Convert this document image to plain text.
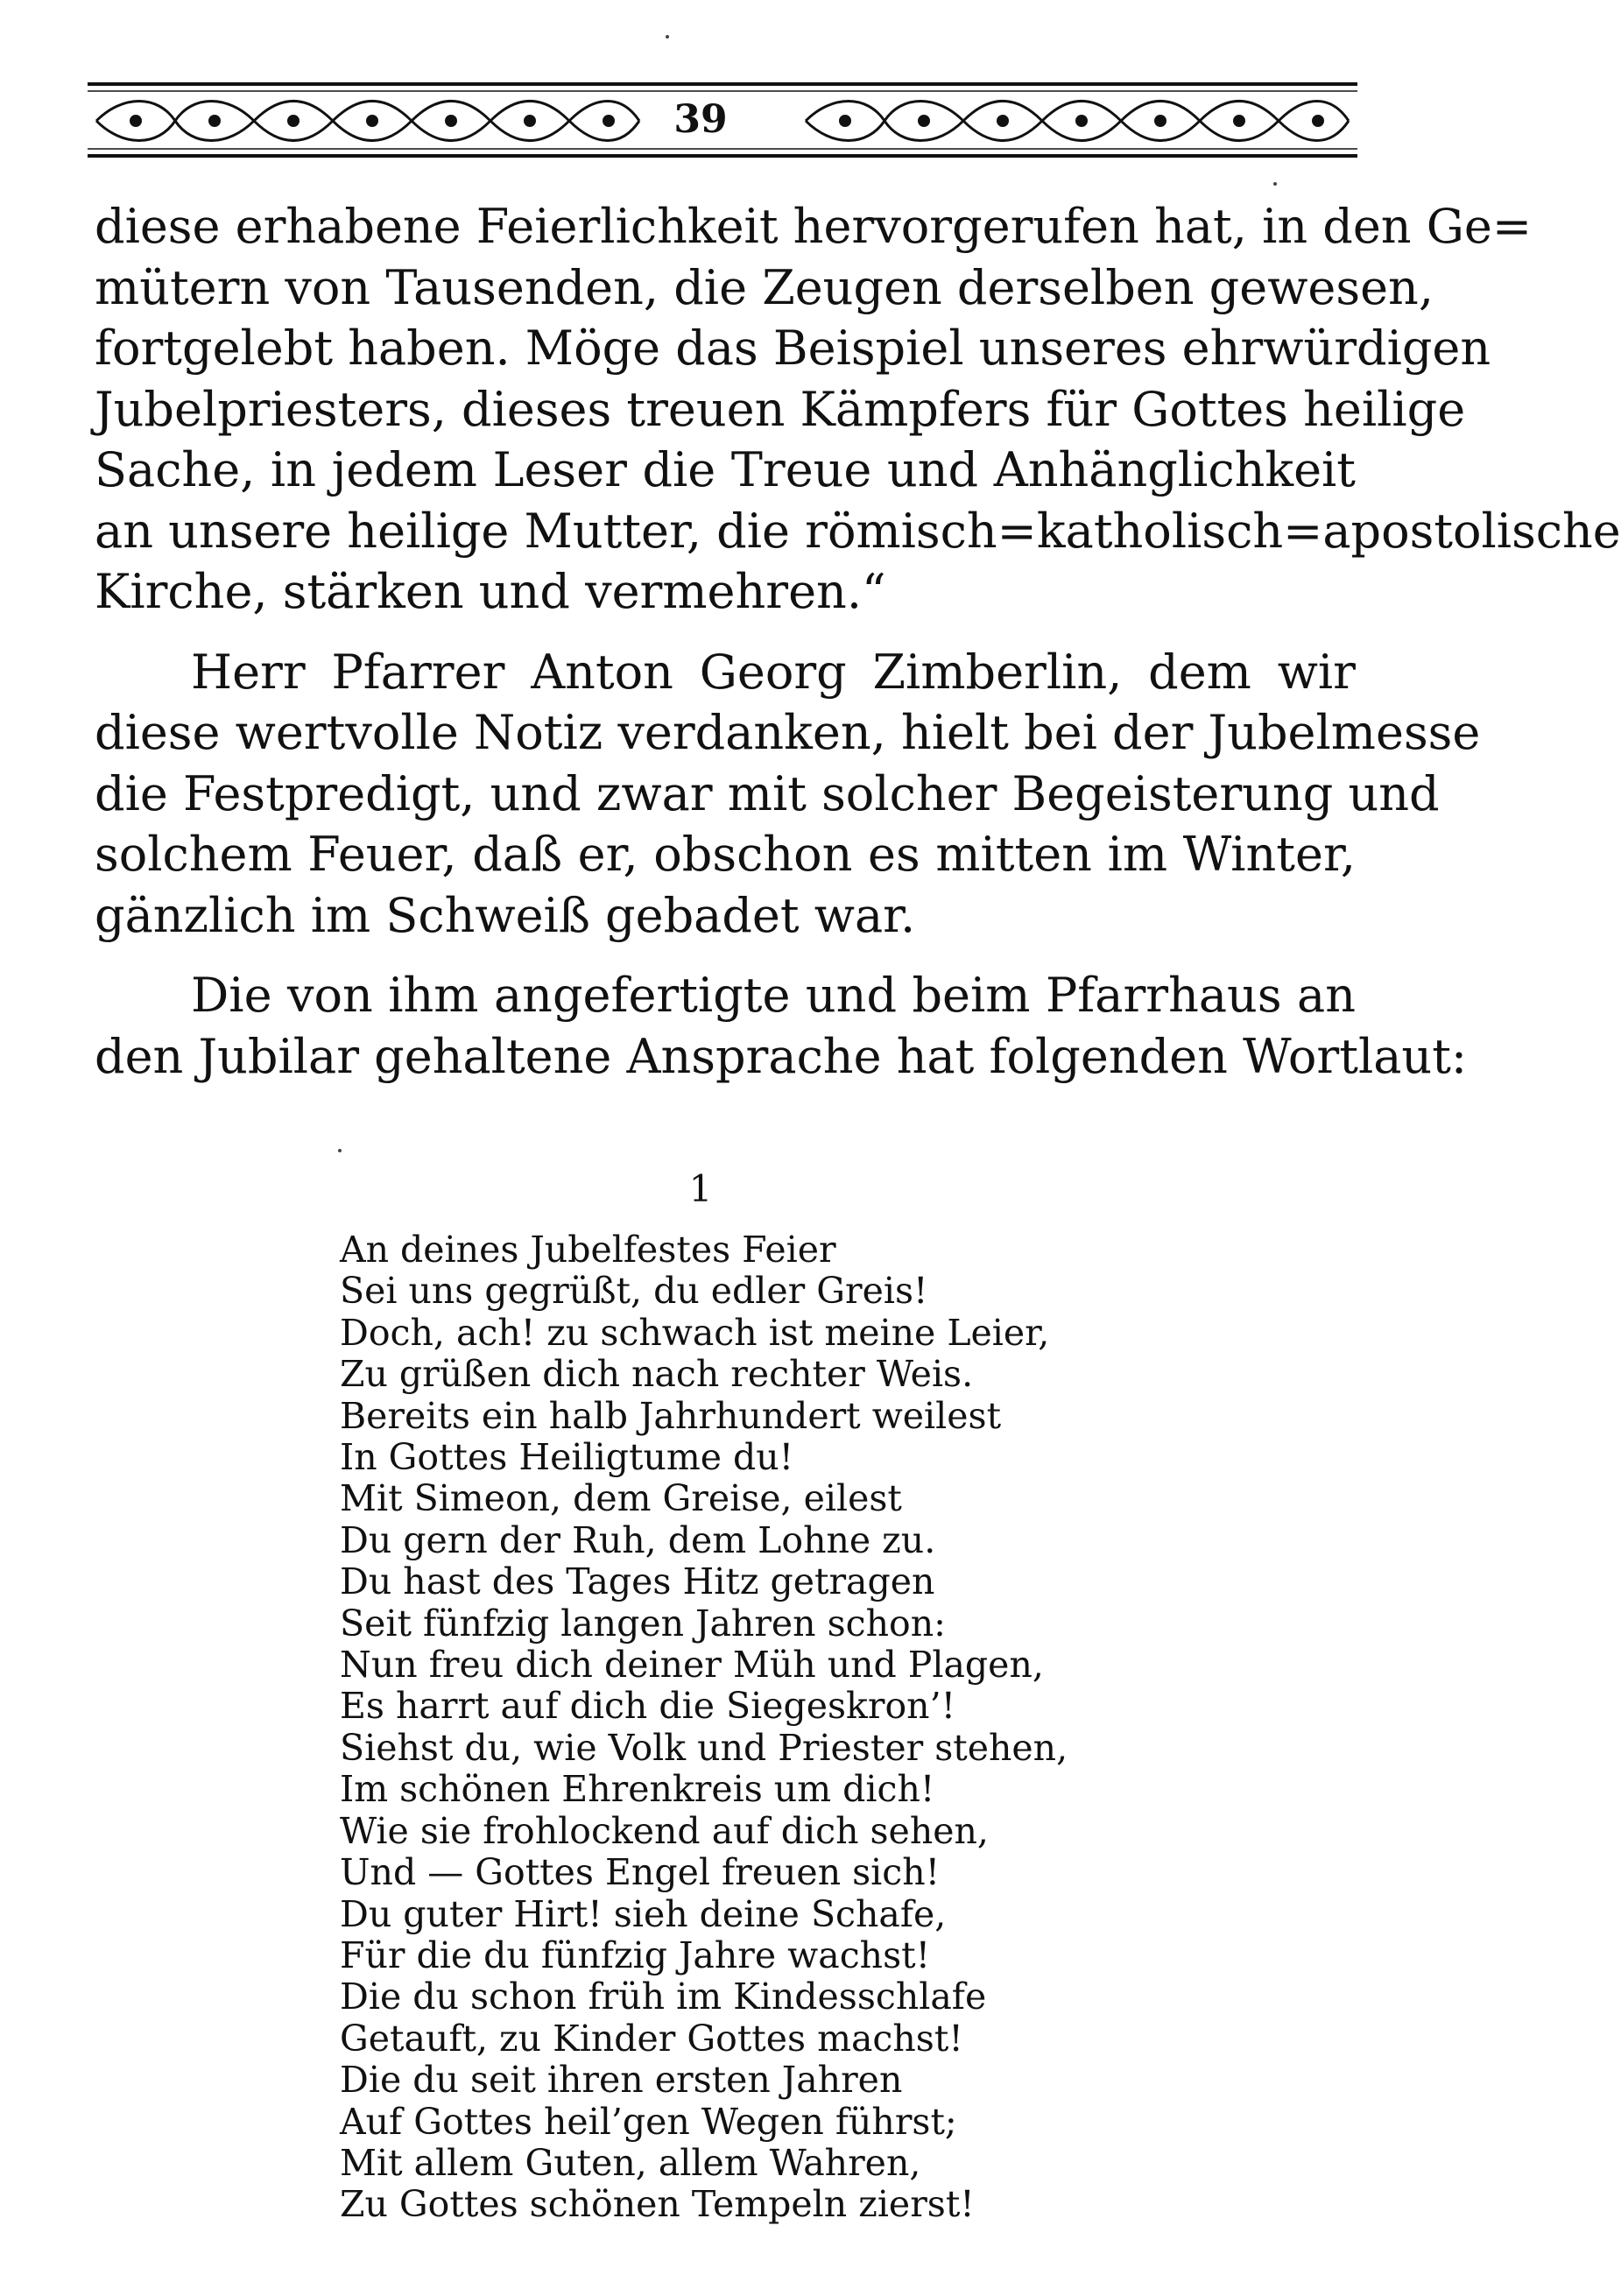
39
diese erhabene Feierlichkeit hervorgerufen hat, in den Ge=
mütern von Tausenden, die Zeugen derselben gewesen,
fortgelebt haben. Möge das Beispiel unseres ehrwürdigen
Jubelpriesters, dieses treuen Kämpfers für Gottes heilige
Sache, in jedem Leser die Treue und Anhänglichkeit
an unsere heilige Mutter, die römisch=katholisch=apostolische
Kirche, stärken und vermehren.“
Herr Pfarrer Anton Georg Zimberlin, dem wir
diese wertvolle Notiz verdanken, hielt bei der Jubelmesse
die Festpredigt, und zwar mit solcher Begeisterung und
solchem Feuer, daß er, obschon es mitten im Winter,
gänzlich im Schweiß gebadet war.
Die von ihm angefertigte und beim Pfarrhaus an
den Jubilar gehaltene Ansprache hat folgenden Wortlaut:
1
An deines Jubelfestes Feier
Sei uns gegrüßt, du edler Greis!
Doch, ach! zu schwach ist meine Leier,
Zu grüßen dich nach rechter Weis.
Bereits ein halb Jahrhundert weilest
In Gottes Heiligtume du!
Mit Simeon, dem Greise, eilest
Du gern der Ruh, dem Lohne zu.
Du hast des Tages Hitz getragen
Seit fünfzig langen Jahren schon:
Nun freu dich deiner Müh und Plagen,
Es harrt auf dich die Siegeskron’!
Siehst du, wie Volk und Priester stehen,
Im schönen Ehrenkreis um dich!
Wie sie frohlockend auf dich sehen,
Und — Gottes Engel freuen sich!
Du guter Hirt! sieh deine Schafe,
Für die du fünfzig Jahre wachst!
Die du schon früh im Kindesschlafe
Getauft, zu Kinder Gottes machst!
Die du seit ihren ersten Jahren
Auf Gottes heil’gen Wegen führst;
Mit allem Guten, allem Wahren,
Zu Gottes schönen Tempeln zierst!
